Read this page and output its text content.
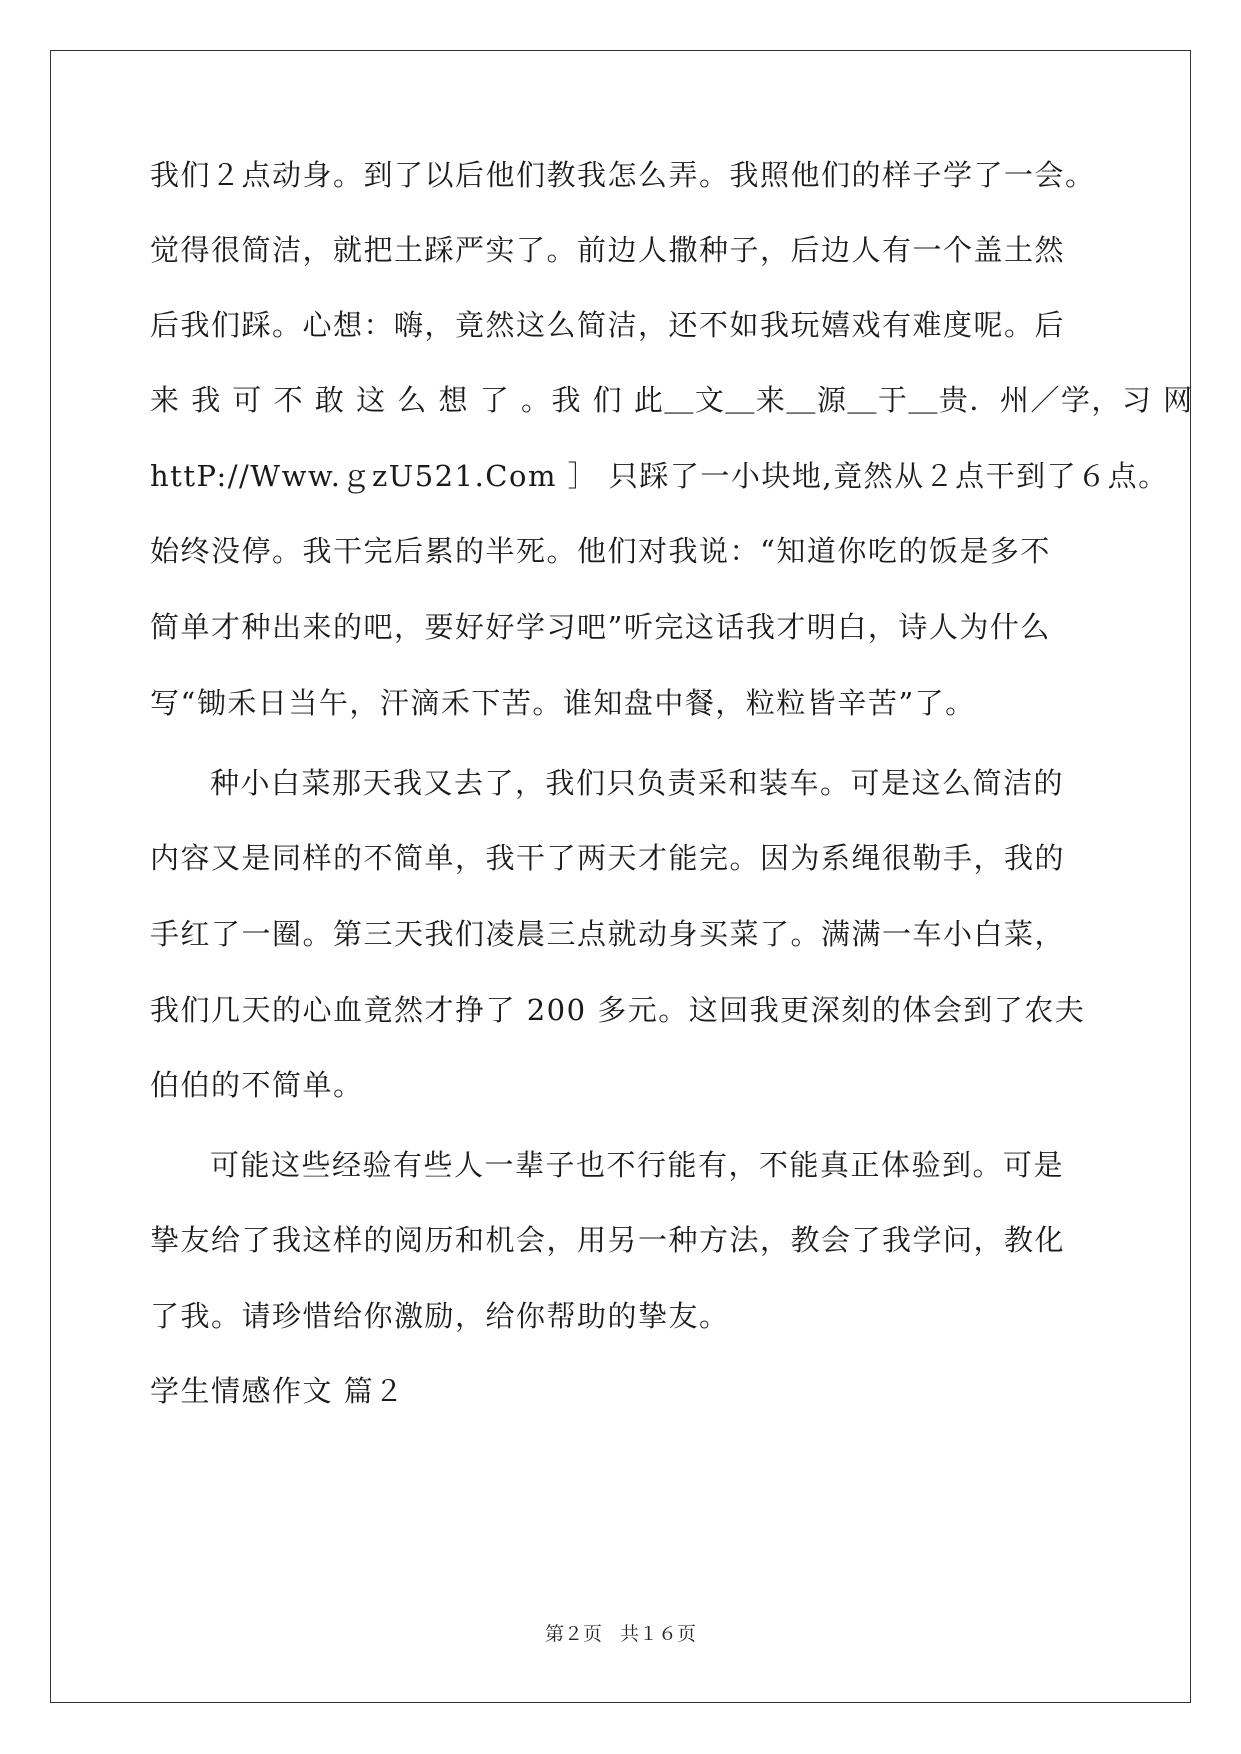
我们２点动身。到了以后他们教我怎么弄。我照他们的样子学了一会。
觉得很简洁，就把土踩严实了。前边人撒种子，后边人有一个盖土然
后我们踩。心想：嗨，竟然这么简洁，还不如我玩嬉戏有难度呢。后
来 我 可 不 敢 这 么 想 了 。我 们 此＿文＿来＿源＿于＿贵．州／学，习 网
httP://Www.ｇzU521.Com ］ 只踩了一小块地,竟然从２点干到了６点。
始终没停。我干完后累的半死。他们对我说：“知道你吃的饭是多不
简单才种出来的吧，要好好学习吧”听完这话我才明白，诗人为什么
写“锄禾日当午，汗滴禾下苦。谁知盘中餐，粒粒皆辛苦”了。
种小白菜那天我又去了，我们只负责采和装车。可是这么简洁的
内容又是同样的不简单，我干了两天才能完。因为系绳很勒手，我的
手红了一圈。第三天我们凌晨三点就动身买菜了。满满一车小白菜，
我们几天的心血竟然才挣了 200 多元。这回我更深刻的体会到了农夫
伯伯的不简单。
可能这些经验有些人一辈子也不行能有，不能真正体验到。可是
挚友给了我这样的阅历和机会，用另一种方法，教会了我学问，教化
了我。请珍惜给你激励，给你帮助的挚友。
学生情感作文 篇２
第２页 共１６页
